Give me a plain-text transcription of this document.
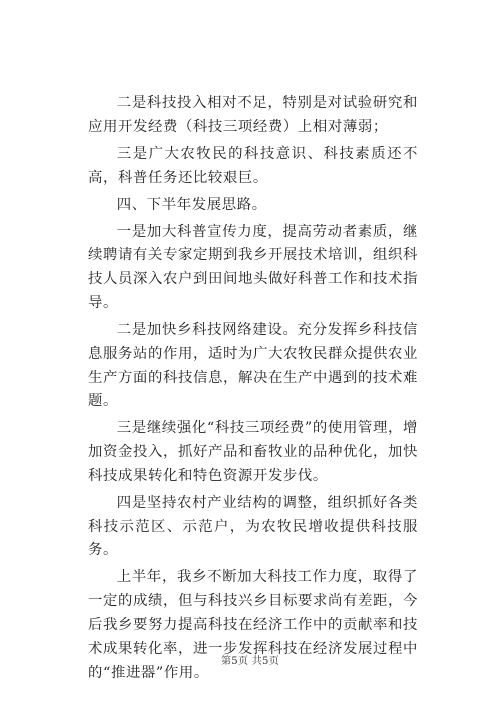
二是科技投入相对不足，特别是对试验研究和应用开发经费（科技三项经费）上相对薄弱；

三是广大农牧民的科技意识、科技素质还不高，科普任务还比较艰巨。

四、下半年发展思路。

一是加大科普宣传力度，提高劳动者素质，继续聘请有关专家定期到我乡开展技术培训，组织科技人员深入农户到田间地头做好科普工作和技术指导。

二是加快乡科技网络建设。充分发挥乡科技信息服务站的作用，适时为广大农牧民群众提供农业生产方面的科技信息，解决在生产中遇到的技术难题。

三是继续强化“科技三项经费”的使用管理，增加资金投入，抓好产品和畜牧业的品种优化，加快科技成果转化和特色资源开发步伐。

四是坚持农村产业结构的调整，组织抓好各类科技示范区、示范户，为农牧民增收提供科技服务。

上半年，我乡不断加大科技工作力度，取得了一定的成绩，但与科技兴乡目标要求尚有差距，今后我乡要努力提高科技在经济工作中的贡献率和技术成果转化率，进一步发挥科技在经济发展过程中的“推进器”作用。

第5页 共5页
